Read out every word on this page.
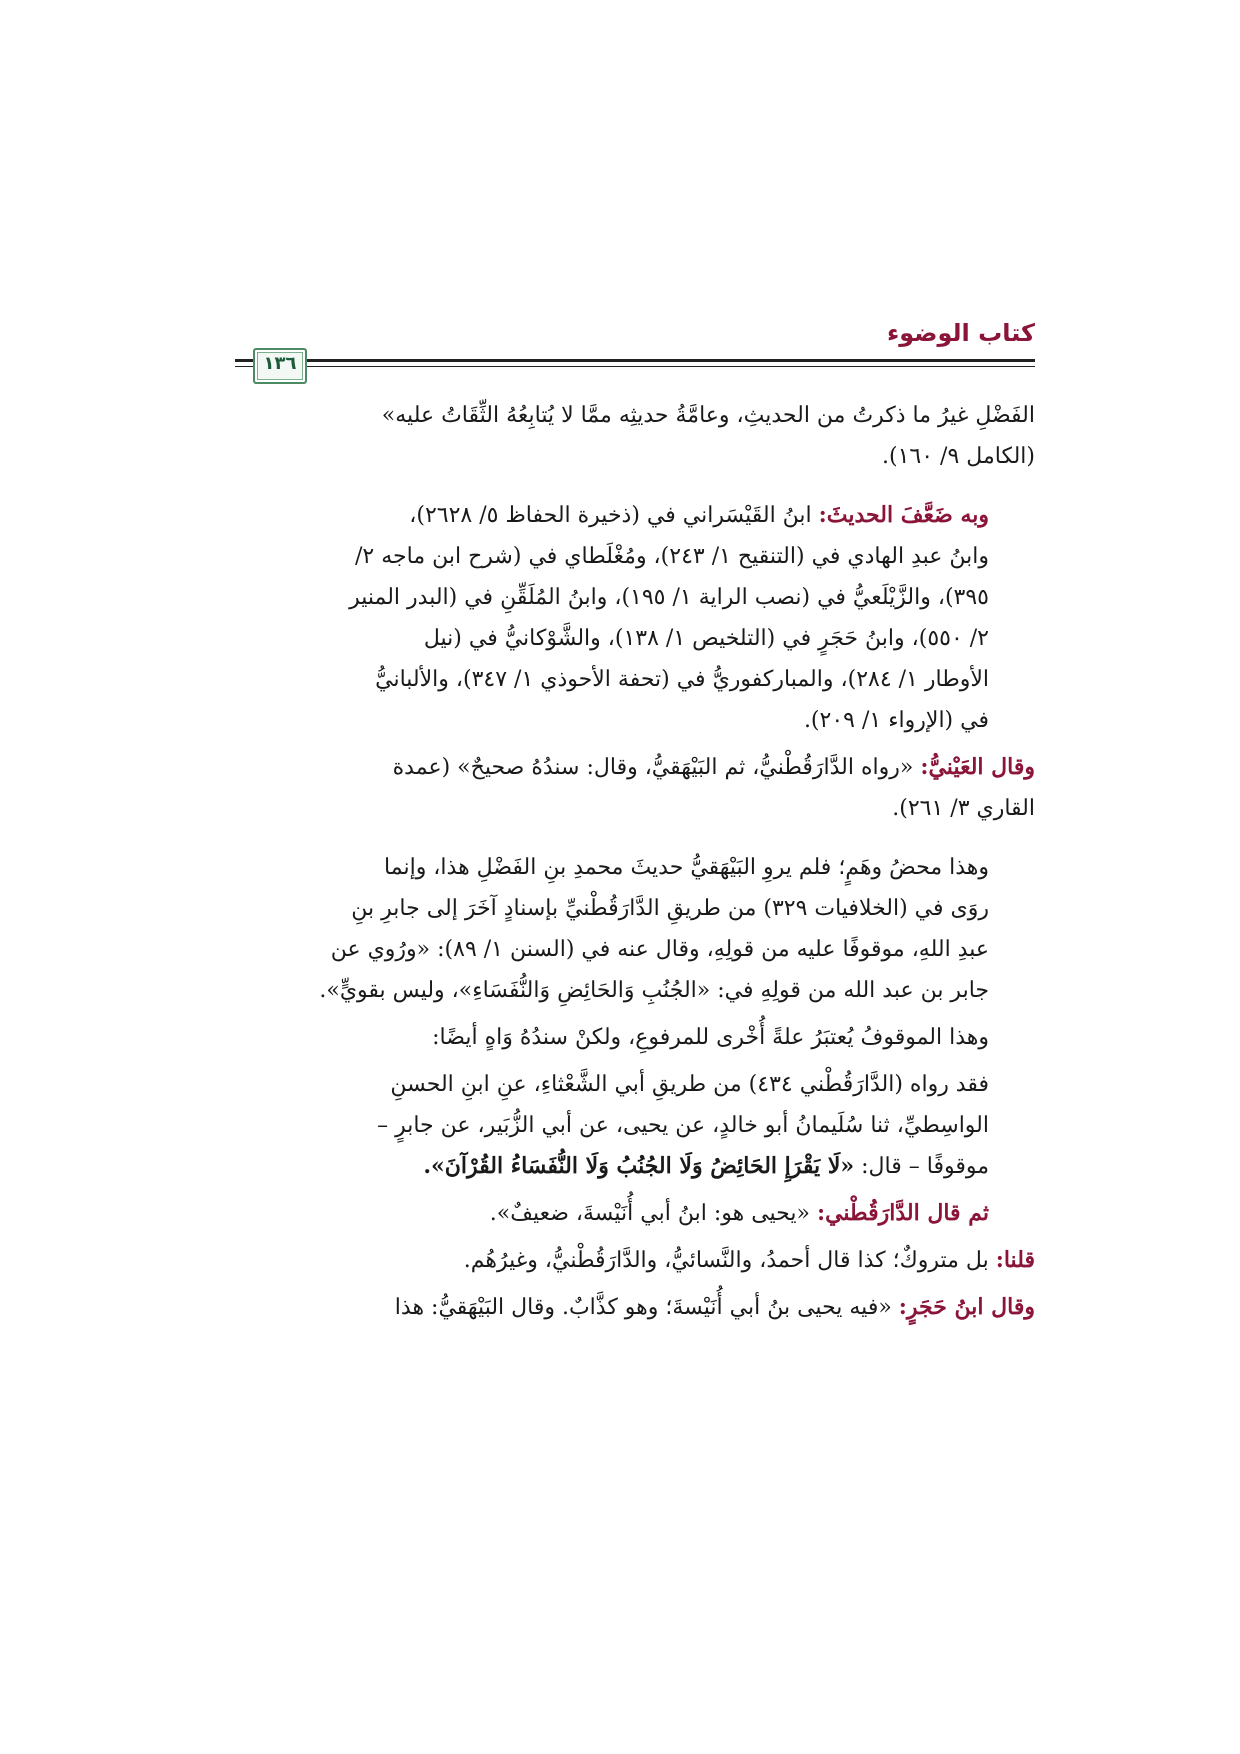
كتاب الوضوء
١٣٦

الفَضْلِ غيرُ ما ذكرتُ من الحديثِ، وعامَّةُ حديثِه ممَّا لا يُتابِعُهُ الثِّقَاتُ عليه»
(الكامل ٩/ ١٦٠).

وبه ضَعَّفَ الحديثَ: ابنُ القَيْسَراني في (ذخيرة الحفاظ ٥/ ٢٦٢٨)،
وابنُ عبدِ الهادي في (التنقيح ١/ ٢٤٣)، ومُغْلَطاي في (شرح ابن ماجه ٢/
٣٩٥)، والزَّيْلَعيُّ في (نصب الراية ١/ ١٩٥)، وابنُ المُلَقِّنِ في (البدر المنير
٢/ ٥٥٠)، وابنُ حَجَرٍ في (التلخيص ١/ ١٣٨)، والشَّوْكانيُّ في (نيل
الأوطار ١/ ٢٨٤)، والمباركفوريُّ في (تحفة الأحوذي ١/ ٣٤٧)، والألبانيُّ
في (الإرواء ١/ ٢٠٩).

وقال العَيْنيُّ: «رواه الدَّارَقُطْنيُّ، ثم البَيْهَقيُّ، وقال: سندُهُ صحيحٌ» (عمدة
القاري ٣/ ٢٦١).

وهذا محضُ وهَمٍ؛ فلم يروِ البَيْهَقيُّ حديثَ محمدِ بنِ الفَضْلِ هذا، وإنما
روَى في (الخلافيات ٣٢٩) من طريقِ الدَّارَقُطْنيِّ بإسنادٍ آخَرَ إلى جابرِ بنِ
عبدِ اللهِ، موقوفًا عليه من قولِهِ، وقال عنه في (السنن ١/ ٨٩): «ورُوي عن
جابر بن عبد الله من قولِهِ في: «الجُنُبِ وَالحَائِضِ وَالنُّفَسَاءِ»، وليس بقويٍّ».

وهذا الموقوفُ يُعتبَرُ علةً أُخْرى للمرفوعِ، ولكنْ سندُهُ وَاهٍ أيضًا:

فقد رواه (الدَّارَقُطْني ٤٣٤) من طريقِ أبي الشَّعْثاءِ، عنِ ابنِ الحسنِ
الواسِطيِّ، ثنا سُلَيمانُ أبو خالدٍ، عن يحيى، عن أبي الزُّبَير، عن جابرٍ –
موقوفًا – قال: «لَا يَقْرَإِ الحَائِضُ وَلَا الجُنُبُ وَلَا النُّفَسَاءُ القُرْآنَ».

ثم قال الدَّارَقُطْني: «يحيى هو: ابنُ أبي أُنَيْسةَ، ضعيفٌ».

قلنا: بل متروكٌ؛ كذا قال أحمدُ، والنَّسائيُّ، والدَّارَقُطْنيُّ، وغيرُهُم.

وقال ابنُ حَجَرٍ: «فيه يحيى بنُ أبي أُنَيْسةَ؛ وهو كذَّابٌ. وقال البَيْهَقيُّ: هذا
